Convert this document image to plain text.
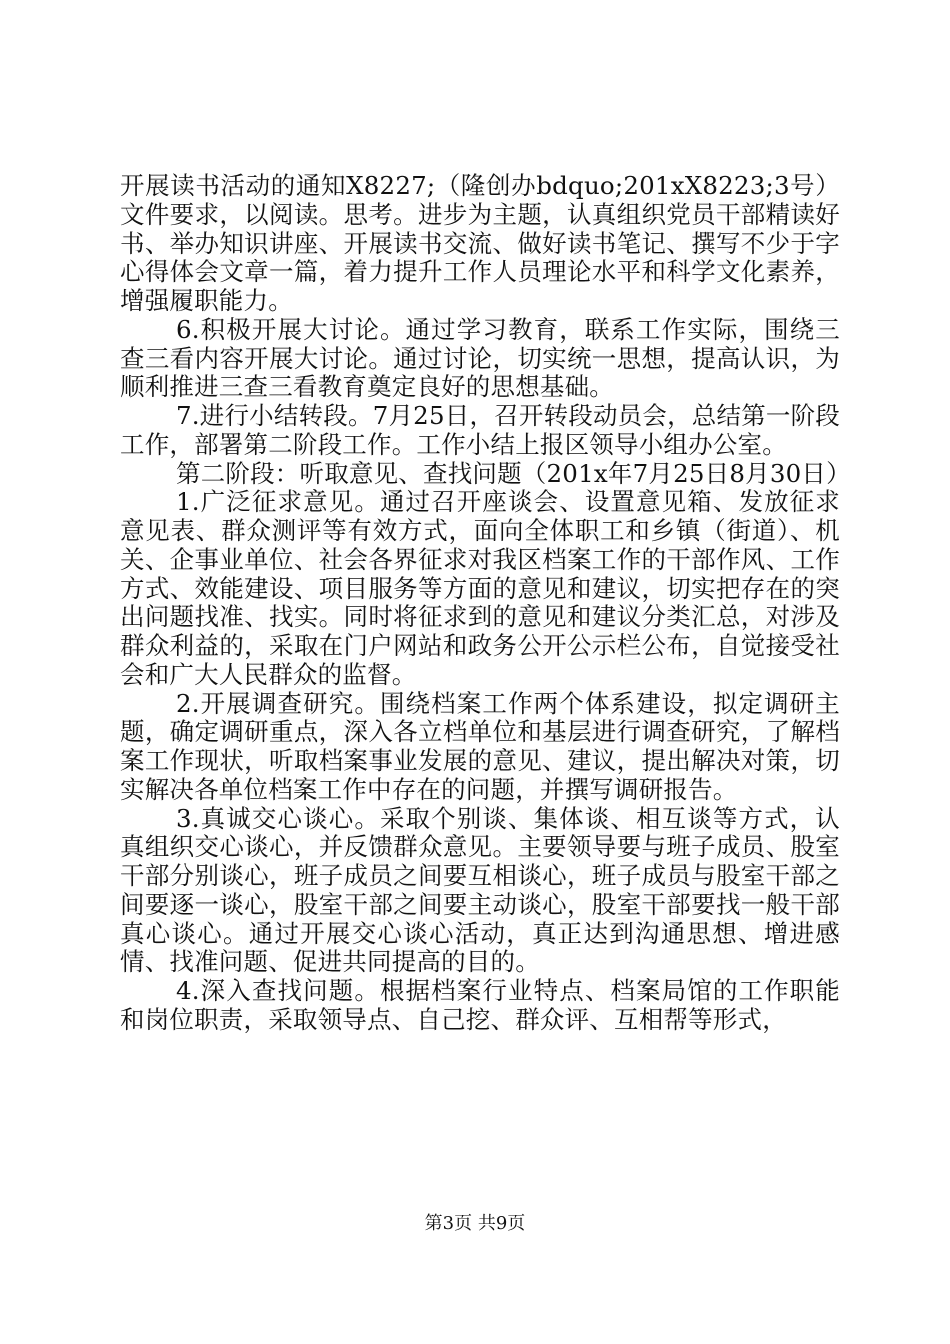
开展读书活动的通知X8227;（隆创办bdquo;201xX8223;3号）文件要求，以阅读。思考。进步为主题，认真组织党员干部精读好书、举办知识讲座、开展读书交流、做好读书笔记、撰写不少于字心得体会文章一篇，着力提升工作人员理论水平和科学文化素养，增强履职能力。

6.积极开展大讨论。通过学习教育，联系工作实际，围绕三查三看内容开展大讨论。通过讨论，切实统一思想，提高认识，为顺利推进三查三看教育奠定良好的思想基础。

7.进行小结转段。7月25日，召开转段动员会，总结第一阶段工作，部署第二阶段工作。工作小结上报区领导小组办公室。

第二阶段：听取意见、查找问题（201x年7月25日8月30日）

1.广泛征求意见。通过召开座谈会、设置意见箱、发放征求意见表、群众测评等有效方式，面向全体职工和乡镇（街道）、机关、企事业单位、社会各界征求对我区档案工作的干部作风、工作方式、效能建设、项目服务等方面的意见和建议，切实把存在的突出问题找准、找实。同时将征求到的意见和建议分类汇总，对涉及群众利益的，采取在门户网站和政务公开公示栏公布，自觉接受社会和广大人民群众的监督。

2.开展调查研究。围绕档案工作两个体系建设，拟定调研主题，确定调研重点，深入各立档单位和基层进行调查研究，了解档案工作现状，听取档案事业发展的意见、建议，提出解决对策，切实解决各单位档案工作中存在的问题，并撰写调研报告。

3.真诚交心谈心。采取个别谈、集体谈、相互谈等方式，认真组织交心谈心，并反馈群众意见。主要领导要与班子成员、股室干部分别谈心，班子成员之间要互相谈心，班子成员与股室干部之间要逐一谈心，股室干部之间要主动谈心，股室干部要找一般干部真心谈心。通过开展交心谈心活动，真正达到沟通思想、增进感情、找准问题、促进共同提高的目的。

4.深入查找问题。根据档案行业特点、档案局馆的工作职能和岗位职责，采取领导点、自己挖、群众评、互相帮等形式，

第3页 共9页
